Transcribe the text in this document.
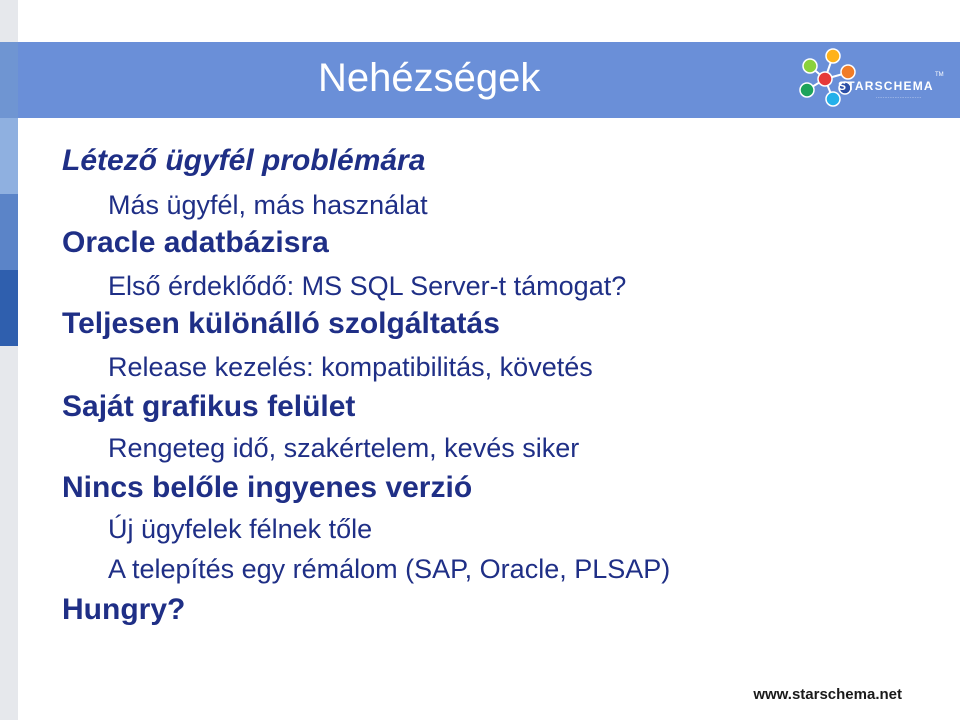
Nehézségek	STARSCHEMA
TM
...........................
Létező ügyfél problémára
Más ügyfél, más használat
Oracle adatbázisra
Első érdeklődő: MS SQL Server-t támogat?
Teljesen különálló szolgáltatás
Release kezelés: kompatibilitás, követés
Saját grafikus felület
Rengeteg idő, szakértelem, kevés siker
Nincs belőle ingyenes verzió
Új ügyfelek félnek tőle
A telepítés egy rémálom (SAP, Oracle, PLSAP)
Hungry?
www.starschema.net
